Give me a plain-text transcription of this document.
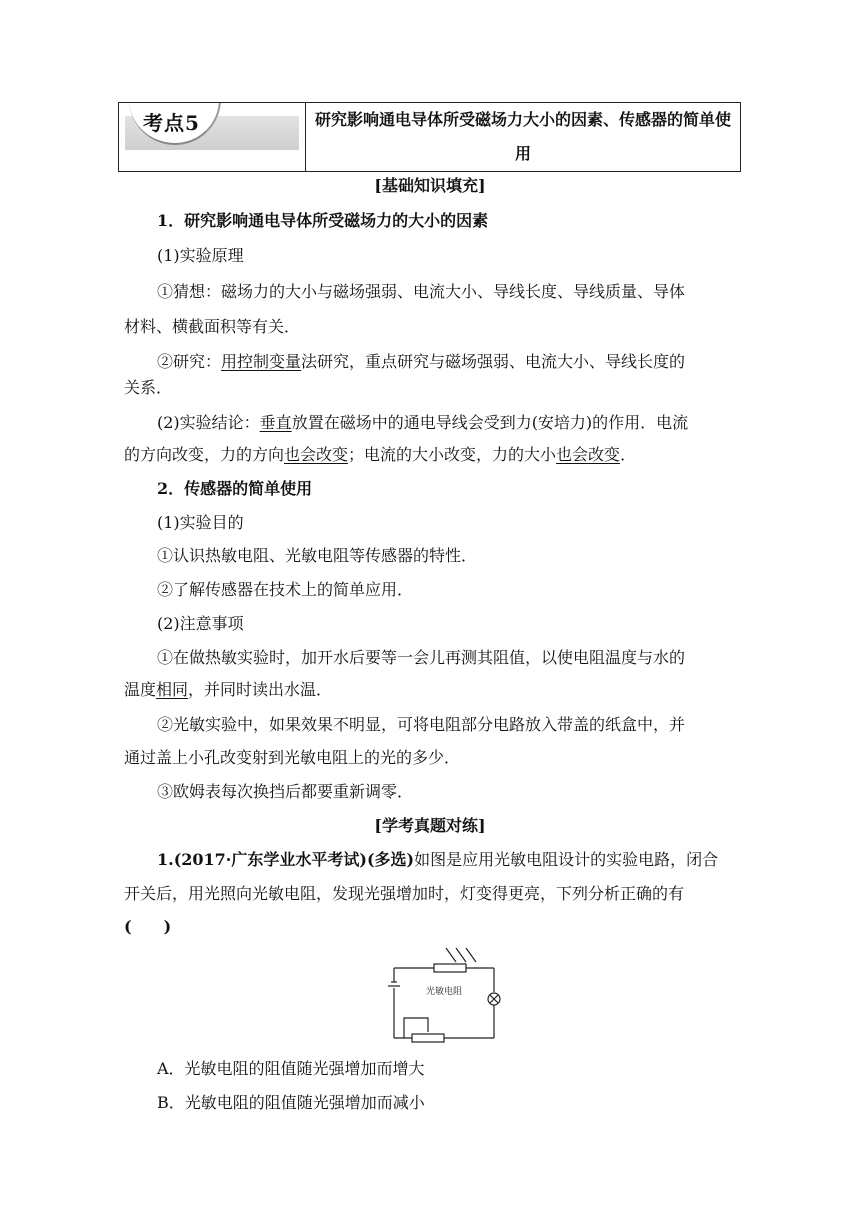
考点5	研究影响通电导体所受磁场力大小的因素、传感器的简单使用
[基础知识填充]
1．研究影响通电导体所受磁场力的大小的因素
(1)实验原理
①猜想：磁场力的大小与磁场强弱、电流大小、导线长度、导线质量、导体
材料、横截面积等有关．
②研究：用控制变量法研究，重点研究与磁场强弱、电流大小、导线长度的
关系．
(2)实验结论：垂直放置在磁场中的通电导线会受到力(安培力)的作用．电流
的方向改变，力的方向也会改变；电流的大小改变，力的大小也会改变．
2．传感器的简单使用
(1)实验目的
①认识热敏电阻、光敏电阻等传感器的特性．
②了解传感器在技术上的简单应用．
(2)注意事项
①在做热敏实验时，加开水后要等一会儿再测其阻值，以使电阻温度与水的
温度相同，并同时读出水温．
②光敏实验中，如果效果不明显，可将电阻部分电路放入带盖的纸盒中，并
通过盖上小孔改变射到光敏电阻上的光的多少．
③欧姆表每次换挡后都要重新调零．
[学考真题对练]
1.(2017·广东学业水平考试)(多选)如图是应用光敏电阻设计的实验电路，闭合
开关后，用光照向光敏电阻，发现光强增加时，灯变得更亮，下列分析正确的有
(　　)
光敏电阻
A．光敏电阻的阻值随光强增加而增大
B．光敏电阻的阻值随光强增加而减小
